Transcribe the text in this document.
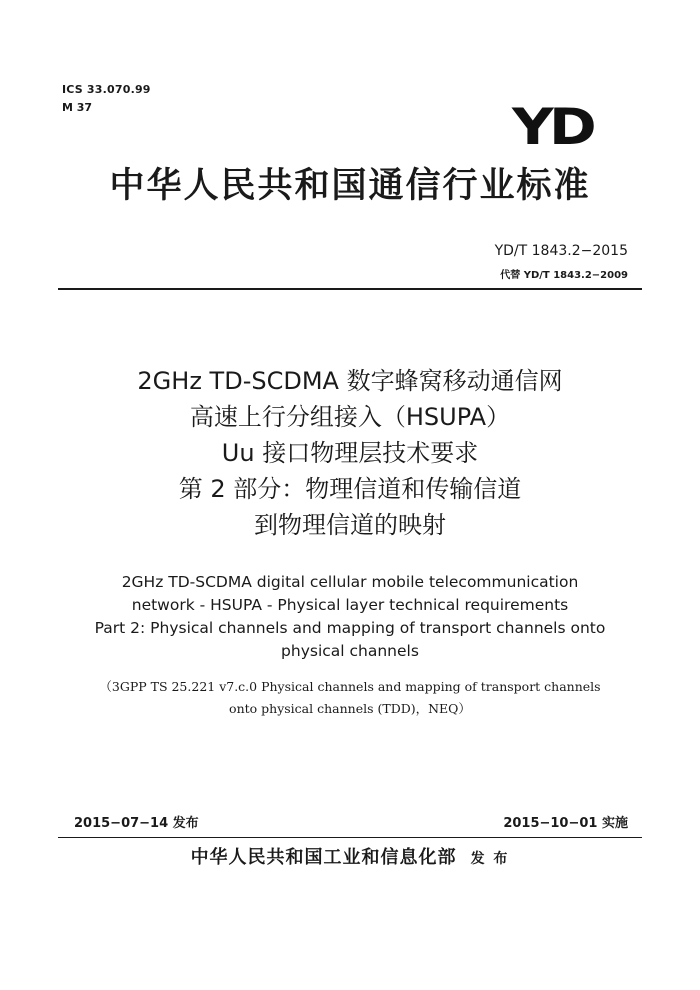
ICS 33.070.99
M 37	YD
中华人民共和国通信行业标准
YD/T 1843.2−2015
代替 YD/T 1843.2−2009
2GHz TD-SCDMA 数字蜂窝移动通信网
高速上行分组接入（HSUPA）
Uu 接口物理层技术要求
第 2 部分：物理信道和传输信道
到物理信道的映射
2GHz TD-SCDMA digital cellular mobile telecommunication
network - HSUPA - Physical layer technical requirements
Part 2: Physical channels and mapping of transport channels onto
physical channels
（3GPP TS 25.221 v7.c.0 Physical channels and mapping of transport channels
onto physical channels (TDD)，NEQ）
2015−07−14 发布	2015−10−01 实施
中华人民共和国工业和信息化部 发 布
